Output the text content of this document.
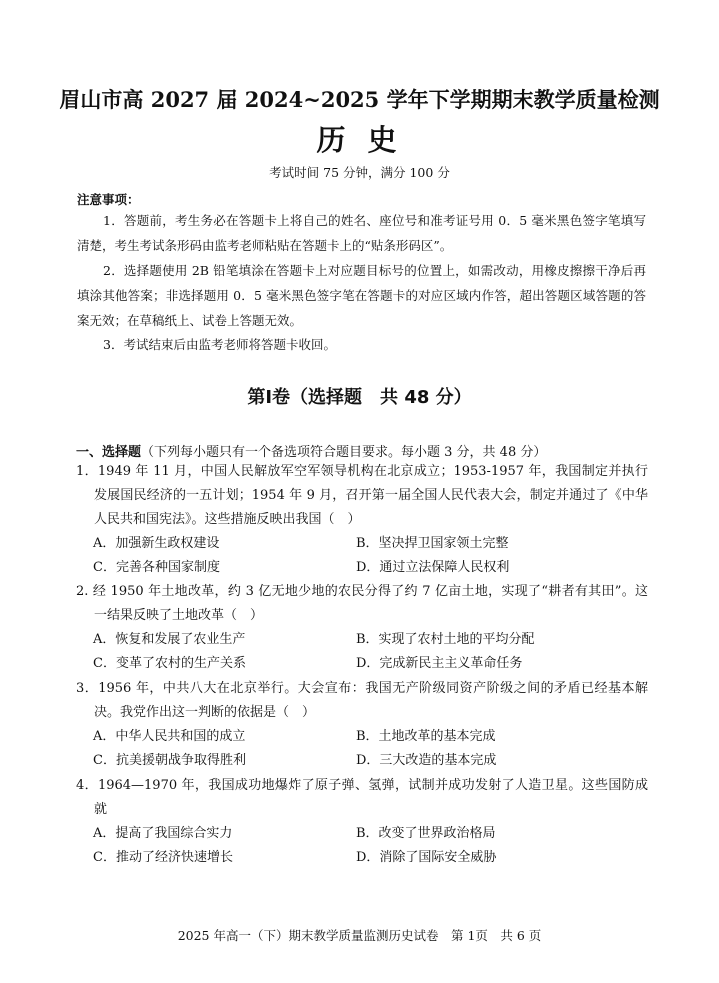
眉山市高 2027 届 2024~2025 学年下学期期末教学质量检测
历 史
考试时间 75 分钟，满分 100 分
注意事项：
1．答题前，考生务必在答题卡上将自己的姓名、座位号和准考证号用 0．5 毫米黑色签字笔填写清楚，考生考试条形码由监考老师粘贴在答题卡上的“贴条形码区”。
2．选择题使用 2B 铅笔填涂在答题卡上对应题目标号的位置上，如需改动，用橡皮擦擦干净后再填涂其他答案；非选择题用 0．5 毫米黑色签字笔在答题卡的对应区域内作答，超出答题区域答题的答案无效；在草稿纸上、试卷上答题无效。
3．考试结束后由监考老师将答题卡收回。
第Ⅰ卷（选择题　共 48 分）
一、选择题（下列每小题只有一个备选项符合题目要求。每小题 3 分，共 48 分）
1．1949 年 11 月，中国人民解放军空军领导机构在北京成立；1953-1957 年，我国制定并执行发展国民经济的一五计划；1954 年 9 月，召开第一届全国人民代表大会，制定并通过了《中华人民共和国宪法》。这些措施反映出我国（　）
A．加强新生政权建设	B．坚决捍卫国家领土完整
C．完善各种国家制度	D．通过立法保障人民权利
2. 经 1950 年土地改革，约 3 亿无地少地的农民分得了约 7 亿亩土地，实现了“耕者有其田”。这一结果反映了土地改革（　）
A．恢复和发展了农业生产	B．实现了农村土地的平均分配
C．变革了农村的生产关系	D．完成新民主主义革命任务
3．1956 年，中共八大在北京举行。大会宣布：我国无产阶级同资产阶级之间的矛盾已经基本解决。我党作出这一判断的依据是（　）
A．中华人民共和国的成立	B．土地改革的基本完成
C．抗美援朝战争取得胜利	D．三大改造的基本完成
4．1964—1970 年，我国成功地爆炸了原子弹、氢弹，试制并成功发射了人造卫星。这些国防成就
A．提高了我国综合实力	B．改变了世界政治格局
C．推动了经济快速增长	D．消除了国际安全威胁
2025 年高一（下）期末教学质量监测历史试卷　第 1页　共 6 页
